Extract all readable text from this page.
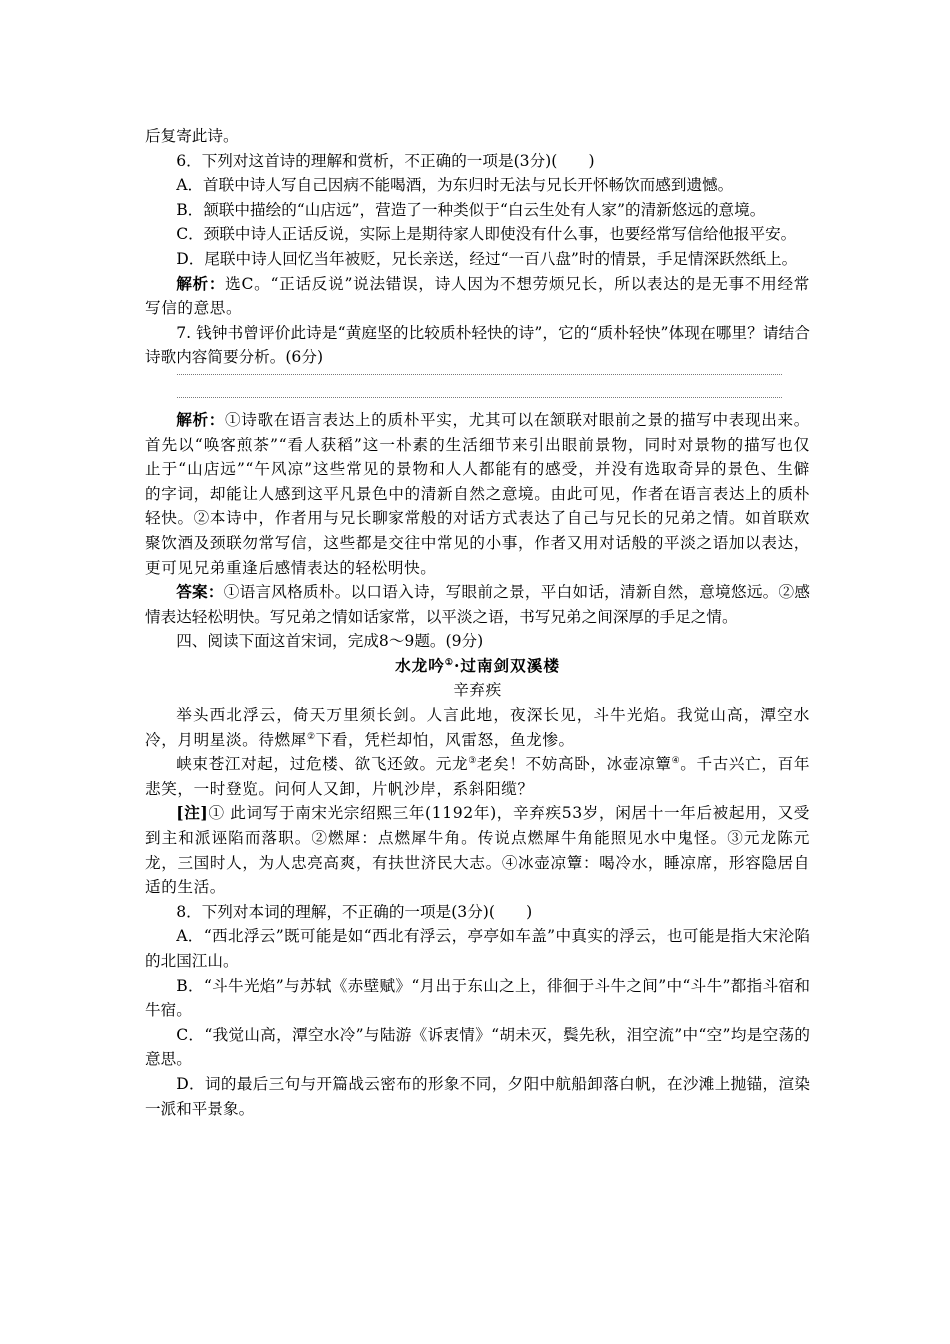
后复寄此诗。

6．下列对这首诗的理解和赏析，不正确的一项是(3分)(　　)

A．首联中诗人写自己因病不能喝酒，为东归时无法与兄长开怀畅饮而感到遗憾。

B．颔联中描绘的“山店远”，营造了一种类似于“白云生处有人家”的清新悠远的意境。

C．颈联中诗人正话反说，实际上是期待家人即使没有什么事，也要经常写信给他报平安。

D．尾联中诗人回忆当年被贬，兄长亲送，经过“一百八盘”时的情景，手足情深跃然纸上。

解析：选C。“正话反说”说法错误，诗人因为不想劳烦兄长，所以表达的是无事不用经常写信的意思。

7. 钱钟书曾评价此诗是“黄庭坚的比较质朴轻快的诗”，它的“质朴轻快”体现在哪里？请结合诗歌内容简要分析。(6分)

解析：①诗歌在语言表达上的质朴平实，尤其可以在颔联对眼前之景的描写中表现出来。首先以“唤客煎茶”“看人获稻”这一朴素的生活细节来引出眼前景物，同时对景物的描写也仅止于“山店远”“午风凉”这些常见的景物和人人都能有的感受，并没有选取奇异的景色、生僻的字词，却能让人感到这平凡景色中的清新自然之意境。由此可见，作者在语言表达上的质朴轻快。②本诗中，作者用与兄长聊家常般的对话方式表达了自己与兄长的兄弟之情。如首联欢聚饮酒及颈联勿常写信，这些都是交往中常见的小事，作者又用对话般的平淡之语加以表达，更可见兄弟重逢后感情表达的轻松明快。

答案：①语言风格质朴。以口语入诗，写眼前之景，平白如话，清新自然，意境悠远。②感情表达轻松明快。写兄弟之情如话家常，以平淡之语，书写兄弟之间深厚的手足之情。

四、阅读下面这首宋词，完成8～9题。(9分)

水龙吟①·过南剑双溪楼

辛弃疾

举头西北浮云，倚天万里须长剑。人言此地，夜深长见，斗牛光焰。我觉山高，潭空水冷，月明星淡。待燃犀②下看，凭栏却怕，风雷怒，鱼龙惨。

峡束苍江对起，过危楼、欲飞还敛。元龙③老矣！不妨高卧，冰壶凉簟④。千古兴亡，百年悲笑，一时登览。问何人又卸，片帆沙岸，系斜阳缆？

[注]① 此词写于南宋光宗绍熙三年(1192年)，辛弃疾53岁，闲居十一年后被起用，又受到主和派诬陷而落职。②燃犀：点燃犀牛角。传说点燃犀牛角能照见水中鬼怪。③元龙陈元龙，三国时人，为人忠亮高爽，有扶世济民大志。④冰壶凉簟：喝冷水，睡凉席，形容隐居自适的生活。

8．下列对本词的理解，不正确的一项是(3分)(　　)

A．“西北浮云”既可能是如“西北有浮云，亭亭如车盖”中真实的浮云，也可能是指大宋沦陷的北国江山。

B．“斗牛光焰”与苏轼《赤壁赋》“月出于东山之上，徘徊于斗牛之间”中“斗牛”都指斗宿和牛宿。

C．“我觉山高，潭空水冷”与陆游《诉衷情》“胡未灭，鬓先秋，泪空流”中“空”均是空荡的意思。

D．词的最后三句与开篇战云密布的形象不同，夕阳中航船卸落白帆，在沙滩上抛锚，渲染一派和平景象。
